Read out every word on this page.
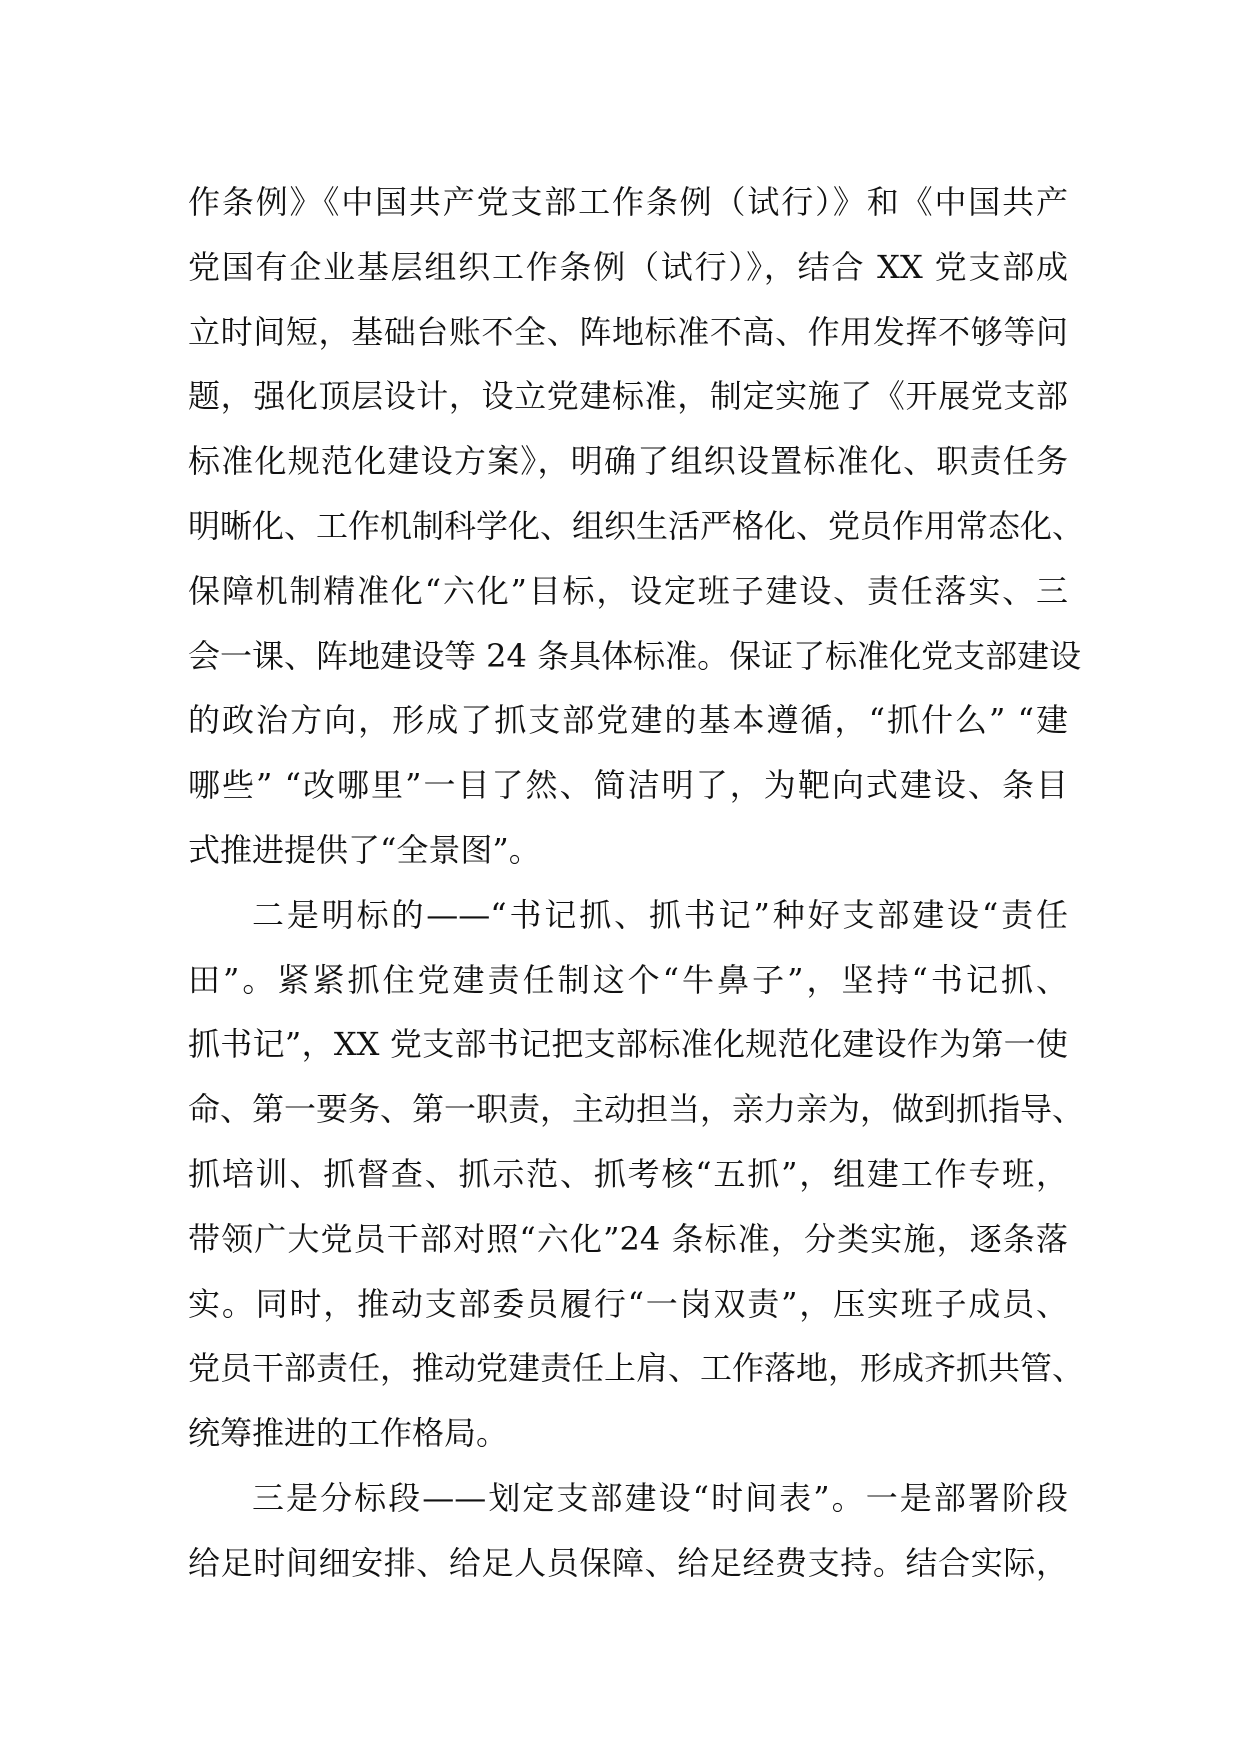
作条例》《中国共产党支部工作条例（试行）》和《中国共产
党国有企业基层组织工作条例（试行）》，结合 XX 党支部成
立时间短，基础台账不全、阵地标准不高、作用发挥不够等问
题，强化顶层设计，设立党建标准，制定实施了《开展党支部
标准化规范化建设方案》，明确了组织设置标准化、职责任务
明晰化、工作机制科学化、组织生活严格化、党员作用常态化、
保障机制精准化“六化”目标，设定班子建设、责任落实、三
会一课、阵地建设等 24 条具体标准。保证了标准化党支部建设
的政治方向，形成了抓支部党建的基本遵循，“抓什么” “建
哪些” “改哪里”一目了然、简洁明了，为靶向式建设、条目
式推进提供了“全景图”。
二是明标的——“书记抓、抓书记”种好支部建设“责任
田”。紧紧抓住党建责任制这个“牛鼻子”，坚持“书记抓、
抓书记”，XX 党支部书记把支部标准化规范化建设作为第一使
命、第一要务、第一职责，主动担当，亲力亲为，做到抓指导、
抓培训、抓督查、抓示范、抓考核“五抓”，组建工作专班，
带领广大党员干部对照“六化”24 条标准，分类实施，逐条落
实。同时，推动支部委员履行“一岗双责”，压实班子成员、
党员干部责任，推动党建责任上肩、工作落地，形成齐抓共管、
统筹推进的工作格局。
三是分标段——划定支部建设“时间表”。一是部署阶段
给足时间细安排、给足人员保障、给足经费支持。结合实际，
